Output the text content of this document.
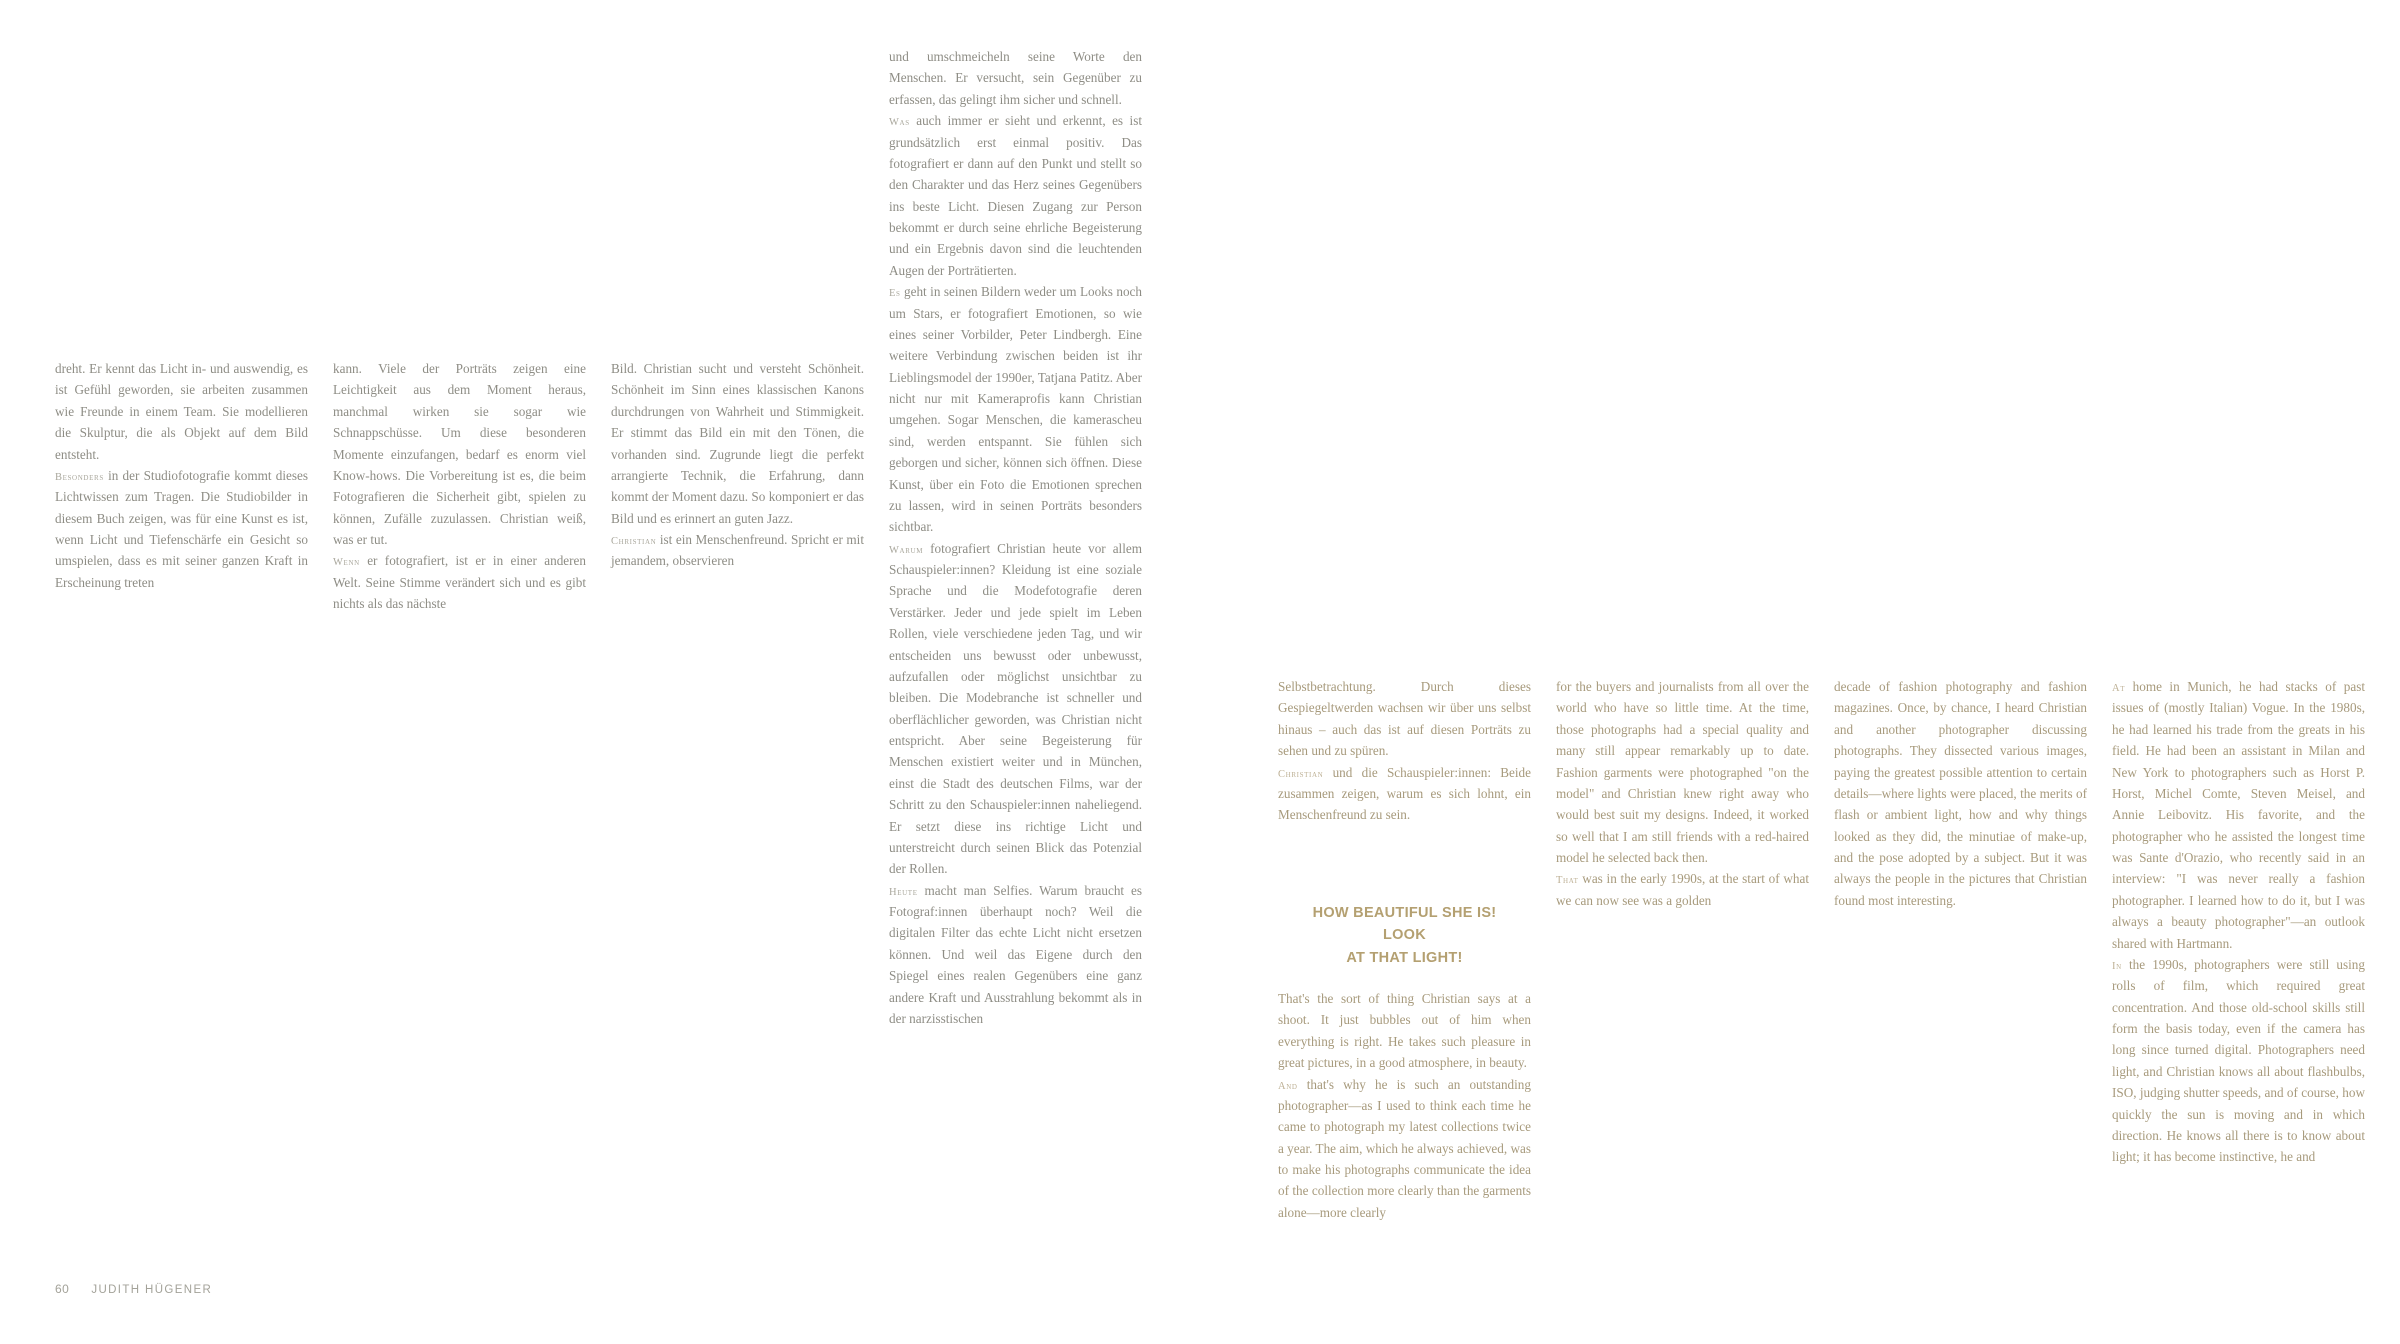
dreht. Er kennt das Licht in- und auswendig, es ist Gefühl geworden, sie arbeiten zusammen wie Freunde in einem Team. Sie modellieren die Skulptur, die als Objekt auf dem Bild entsteht.

Besonders in der Studiofotografie kommt dieses Lichtwissen zum Tragen. Die Studiobilder in diesem Buch zeigen, was für eine Kunst es ist, wenn Licht und Tiefenschärfe ein Gesicht so umspielen, dass es mit seiner ganzen Kraft in Erscheinung treten

kann. Viele der Porträts zeigen eine Leichtigkeit aus dem Moment heraus, manchmal wirken sie sogar wie Schnappschüsse. Um diese besonderen Momente einzufangen, bedarf es enorm viel Know-hows. Die Vorbereitung ist es, die beim Fotografieren die Sicherheit gibt, spielen zu können, Zufälle zuzulassen. Christian weiß, was er tut.

Wenn er fotografiert, ist er in einer anderen Welt. Seine Stimme verändert sich und es gibt nichts als das nächste

Bild. Christian sucht und versteht Schönheit. Schönheit im Sinn eines klassischen Kanons durchdrungen von Wahrheit und Stimmigkeit. Er stimmt das Bild ein mit den Tönen, die vorhanden sind. Zugrunde liegt die perfekt arrangierte Technik, die Erfahrung, dann kommt der Moment dazu. So komponiert er das Bild und es erinnert an guten Jazz.

Christian ist ein Menschenfreund. Spricht er mit jemandem, observieren

und umschmeicheln seine Worte den Menschen. Er versucht, sein Gegenüber zu erfassen, das gelingt ihm sicher und schnell.

Was auch immer er sieht und erkennt, es ist grundsätzlich erst einmal positiv. Das fotografiert er dann auf den Punkt und stellt so den Charakter und das Herz seines Gegenübers ins beste Licht. Diesen Zugang zur Person bekommt er durch seine ehrliche Begeisterung und ein Ergebnis davon sind die leuchtenden Augen der Porträtierten.

Es geht in seinen Bildern weder um Looks noch um Stars, er fotografiert Emotionen, so wie eines seiner Vorbilder, Peter Lindbergh. Eine weitere Verbindung zwischen beiden ist ihr Lieblingsmodel der 1990er, Tatjana Patitz. Aber nicht nur mit Kameraprofis kann Christian umgehen. Sogar Menschen, die kamerascheu sind, werden entspannt. Sie fühlen sich geborgen und sicher, können sich öffnen. Diese Kunst, über ein Foto die Emotionen sprechen zu lassen, wird in seinen Porträts besonders sichtbar.

Warum fotografiert Christian heute vor allem Schauspieler:innen? Kleidung ist eine soziale Sprache und die Modefotografie deren Verstärker. Jeder und jede spielt im Leben Rollen, viele verschiedene jeden Tag, und wir entscheiden uns bewusst oder unbewusst, aufzufallen oder möglichst unsichtbar zu bleiben. Die Modebranche ist schneller und oberflächlicher geworden, was Christian nicht entspricht. Aber seine Begeisterung für Menschen existiert weiter und in München, einst die Stadt des deutschen Films, war der Schritt zu den Schauspieler:innen naheliegend. Er setzt diese ins richtige Licht und unterstreicht durch seinen Blick das Potenzial der Rollen.

Heute macht man Selfies. Warum braucht es Fotograf:innen überhaupt noch? Weil die digitalen Filter das echte Licht nicht ersetzen können. Und weil das Eigene durch den Spiegel eines realen Gegenübers eine ganz andere Kraft und Ausstrahlung bekommt als in der narzisstischen

Selbstbetrachtung. Durch dieses Gespiegeltwerden wachsen wir über uns selbst hinaus – auch das ist auf diesen Porträts zu sehen und zu spüren.

Christian und die Schauspieler:innen: Beide zusammen zeigen, warum es sich lohnt, ein Menschenfreund zu sein.

HOW BEAUTIFUL SHE IS!
LOOK
AT THAT LIGHT!

That's the sort of thing Christian says at a shoot. It just bubbles out of him when everything is right. He takes such pleasure in great pictures, in a good atmosphere, in beauty.

And that's why he is such an outstanding photographer—as I used to think each time he came to photograph my latest collections twice a year. The aim, which he always achieved, was to make his photographs communicate the idea of the collection more clearly than the garments alone—more clearly

for the buyers and journalists from all over the world who have so little time. At the time, those photographs had a special quality and many still appear remarkably up to date. Fashion garments were photographed "on the model" and Christian knew right away who would best suit my designs. Indeed, it worked so well that I am still friends with a red-haired model he selected back then.

That was in the early 1990s, at the start of what we can now see was a golden

decade of fashion photography and fashion magazines. Once, by chance, I heard Christian and another photographer discussing photographs. They dissected various images, paying the greatest possible attention to certain details—where lights were placed, the merits of flash or ambient light, how and why things looked as they did, the minutiae of make-up, and the pose adopted by a subject. But it was always the people in the pictures that Christian found most interesting.

At home in Munich, he had stacks of past issues of (mostly Italian) Vogue. In the 1980s, he had learned his trade from the greats in his field. He had been an assistant in Milan and New York to photographers such as Horst P. Horst, Michel Comte, Steven Meisel, and Annie Leibovitz. His favorite, and the photographer who he assisted the longest time was Sante d'Orazio, who recently said in an interview: "I was never really a fashion photographer. I learned how to do it, but I was always a beauty photographer"—an outlook shared with Hartmann.

In the 1990s, photographers were still using rolls of film, which required great concentration. And those old-school skills still form the basis today, even if the camera has long since turned digital. Photographers need light, and Christian knows all about flashbulbs, ISO, judging shutter speeds, and of course, how quickly the sun is moving and in which direction. He knows all there is to know about light; it has become instinctive, he and

60 JUDITH HÜGENER
